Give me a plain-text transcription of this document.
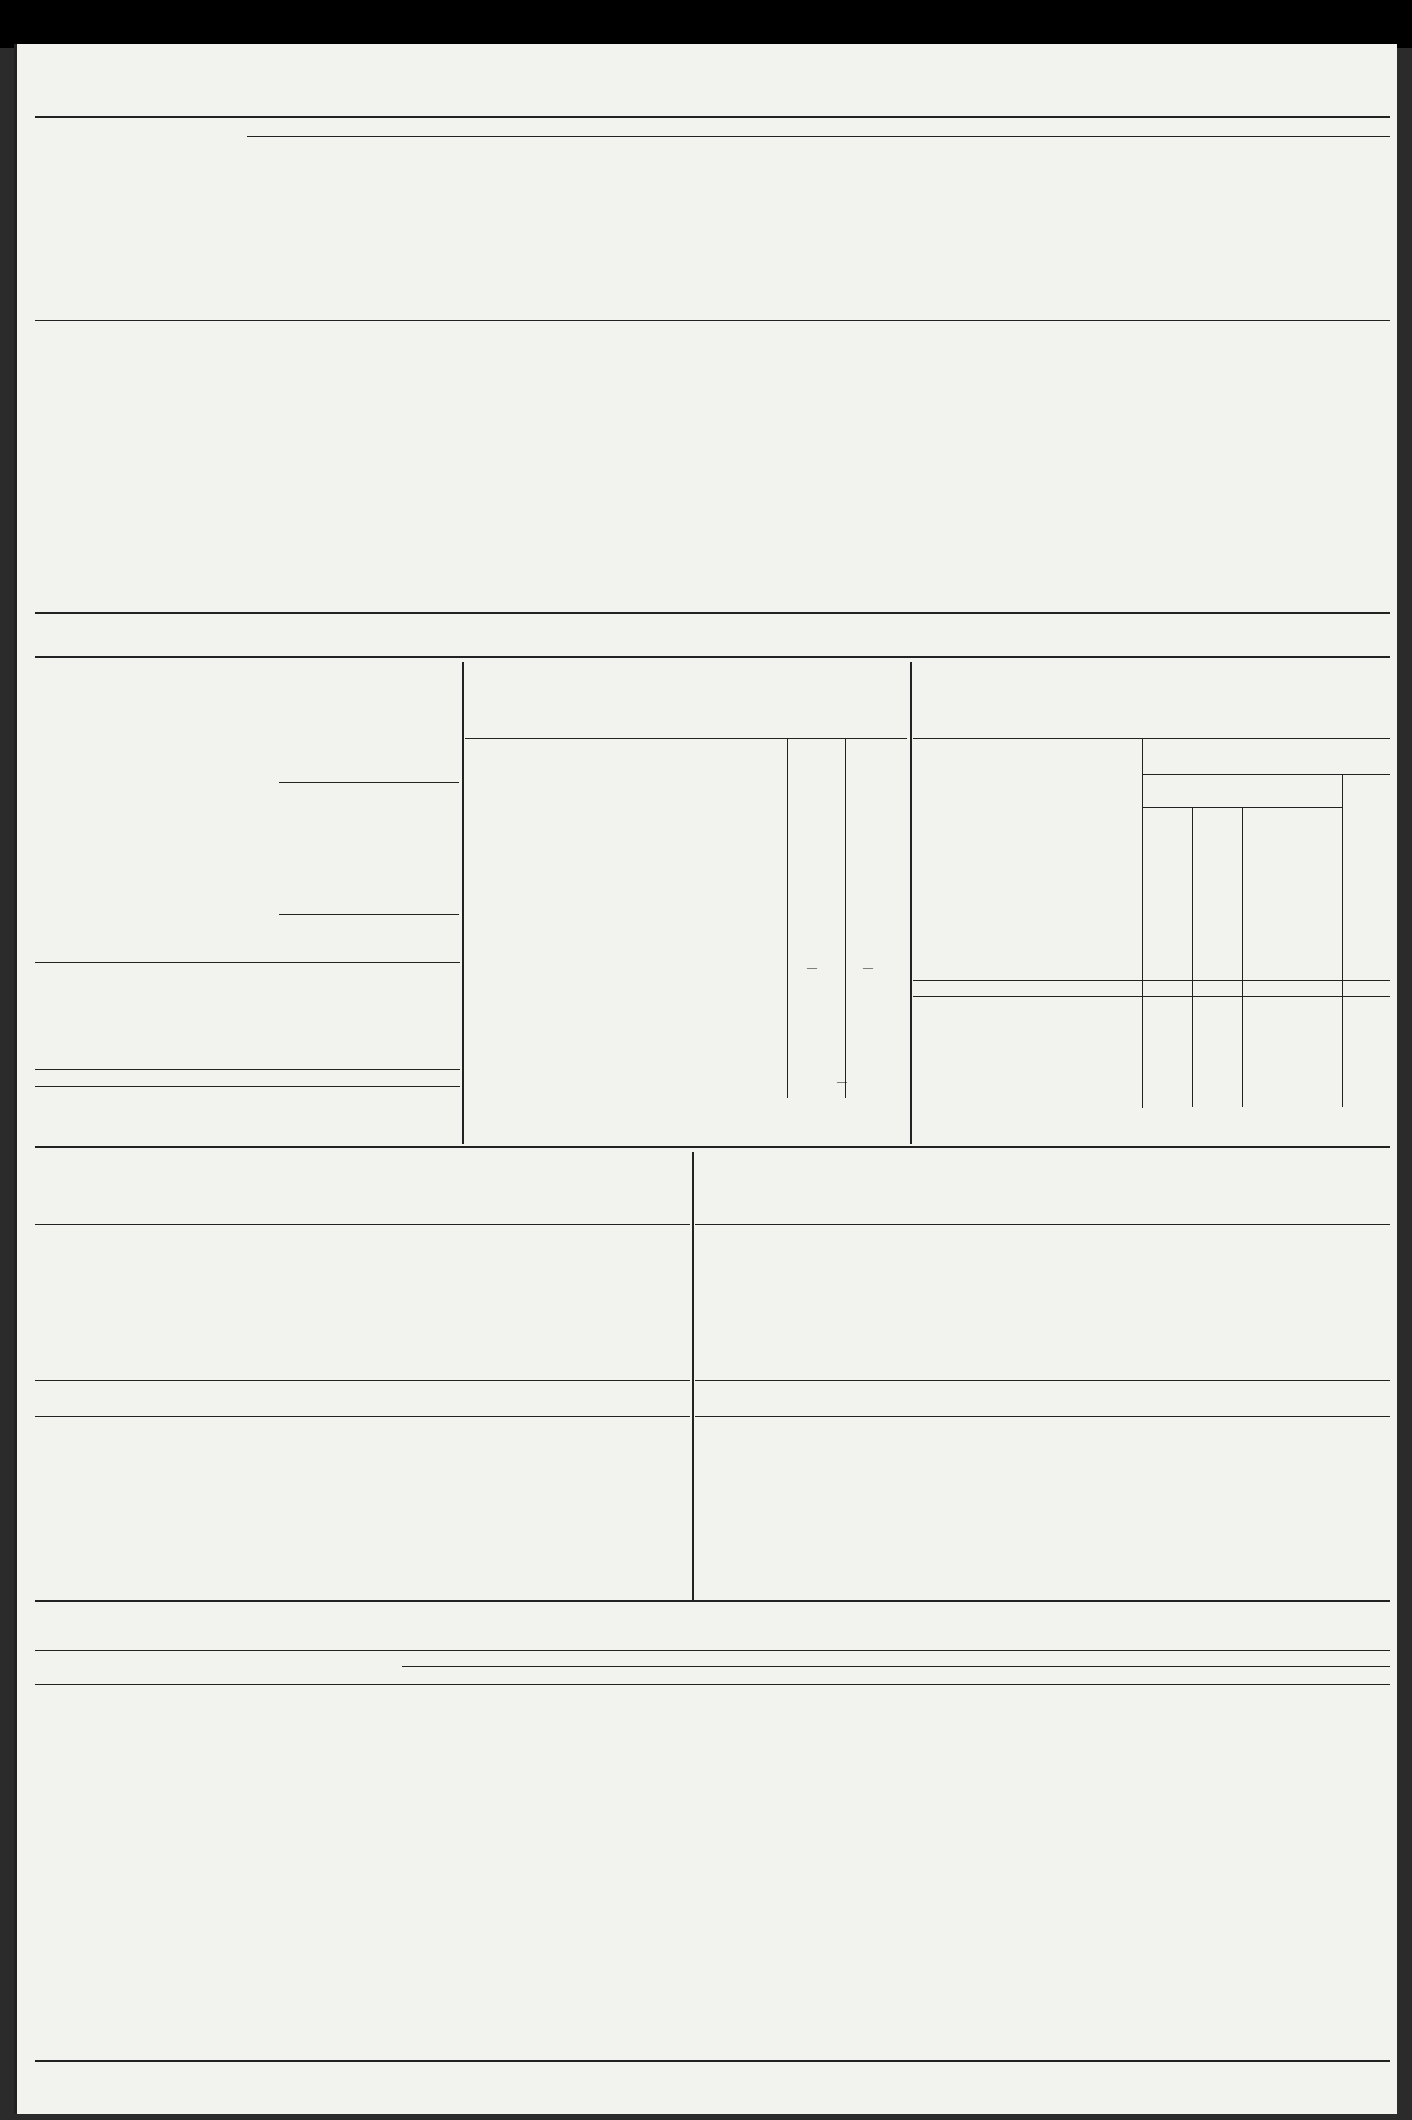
—	—
—
